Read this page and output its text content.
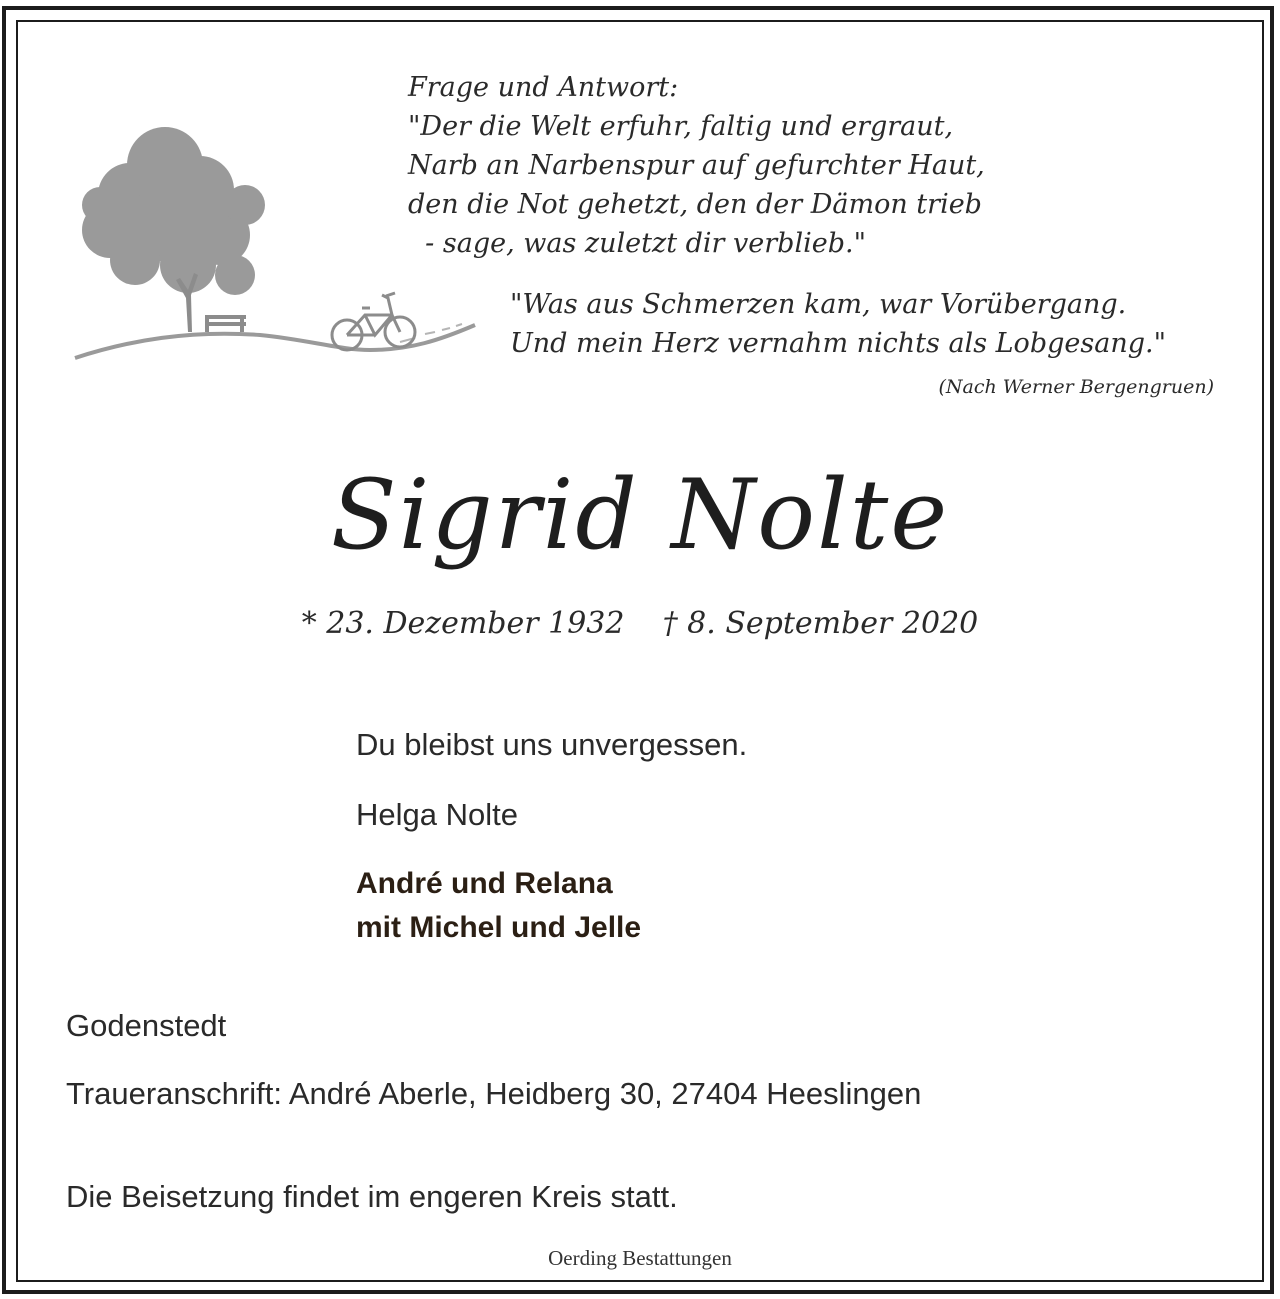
Frage und Antwort:
"Der die Welt erfuhr, faltig und ergraut,
Narb an Narbenspur auf gefurchter Haut,
den die Not gehetzt, den der Dämon trieb
- sage, was zuletzt dir verblieb."

"Was aus Schmerzen kam, war Vorübergang.
Und mein Herz vernahm nichts als Lobgesang."

(Nach Werner Bergengruen)
Sigrid Nolte
* 23. Dezember 1932    † 8. September 2020
Du bleibst uns unvergessen.
Helga Nolte
André und Relana
mit Michel und Jelle
Godenstedt
Traueranschrift: André Aberle, Heidberg 30, 27404 Heeslingen
Die Beisetzung findet im engeren Kreis statt.
Oerding Bestattungen
